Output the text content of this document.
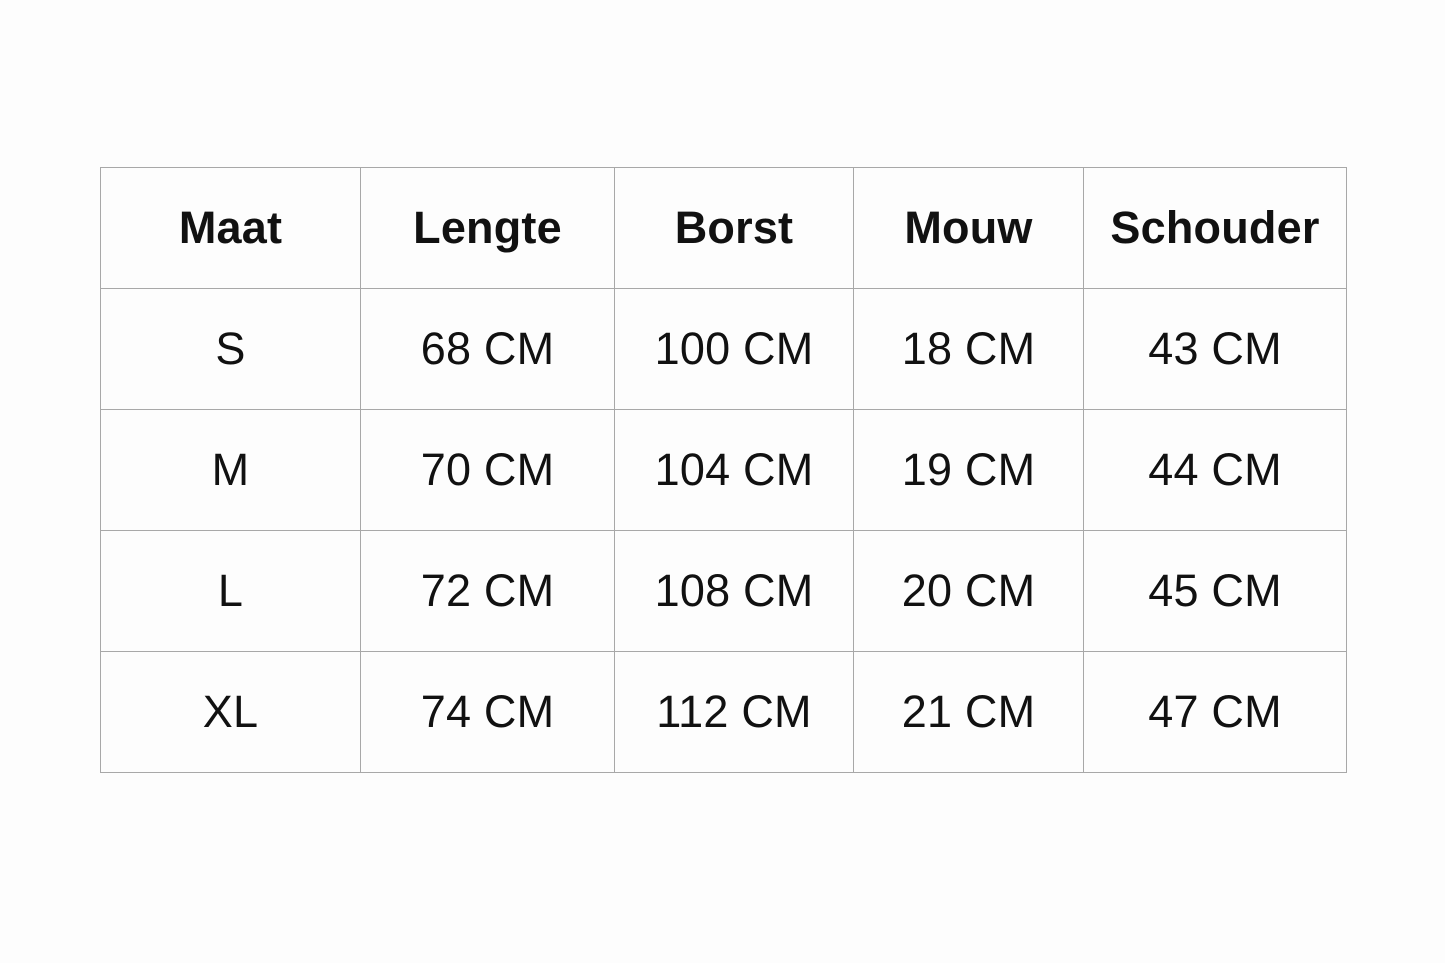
Maat	Lengte	Borst	Mouw	Schouder
S	68 CM	100 CM	18 CM	43 CM
M	70 CM	104 CM	19 CM	44 CM
L	72 CM	108 CM	20 CM	45 CM
XL	74 CM	112 CM	21 CM	47 CM
